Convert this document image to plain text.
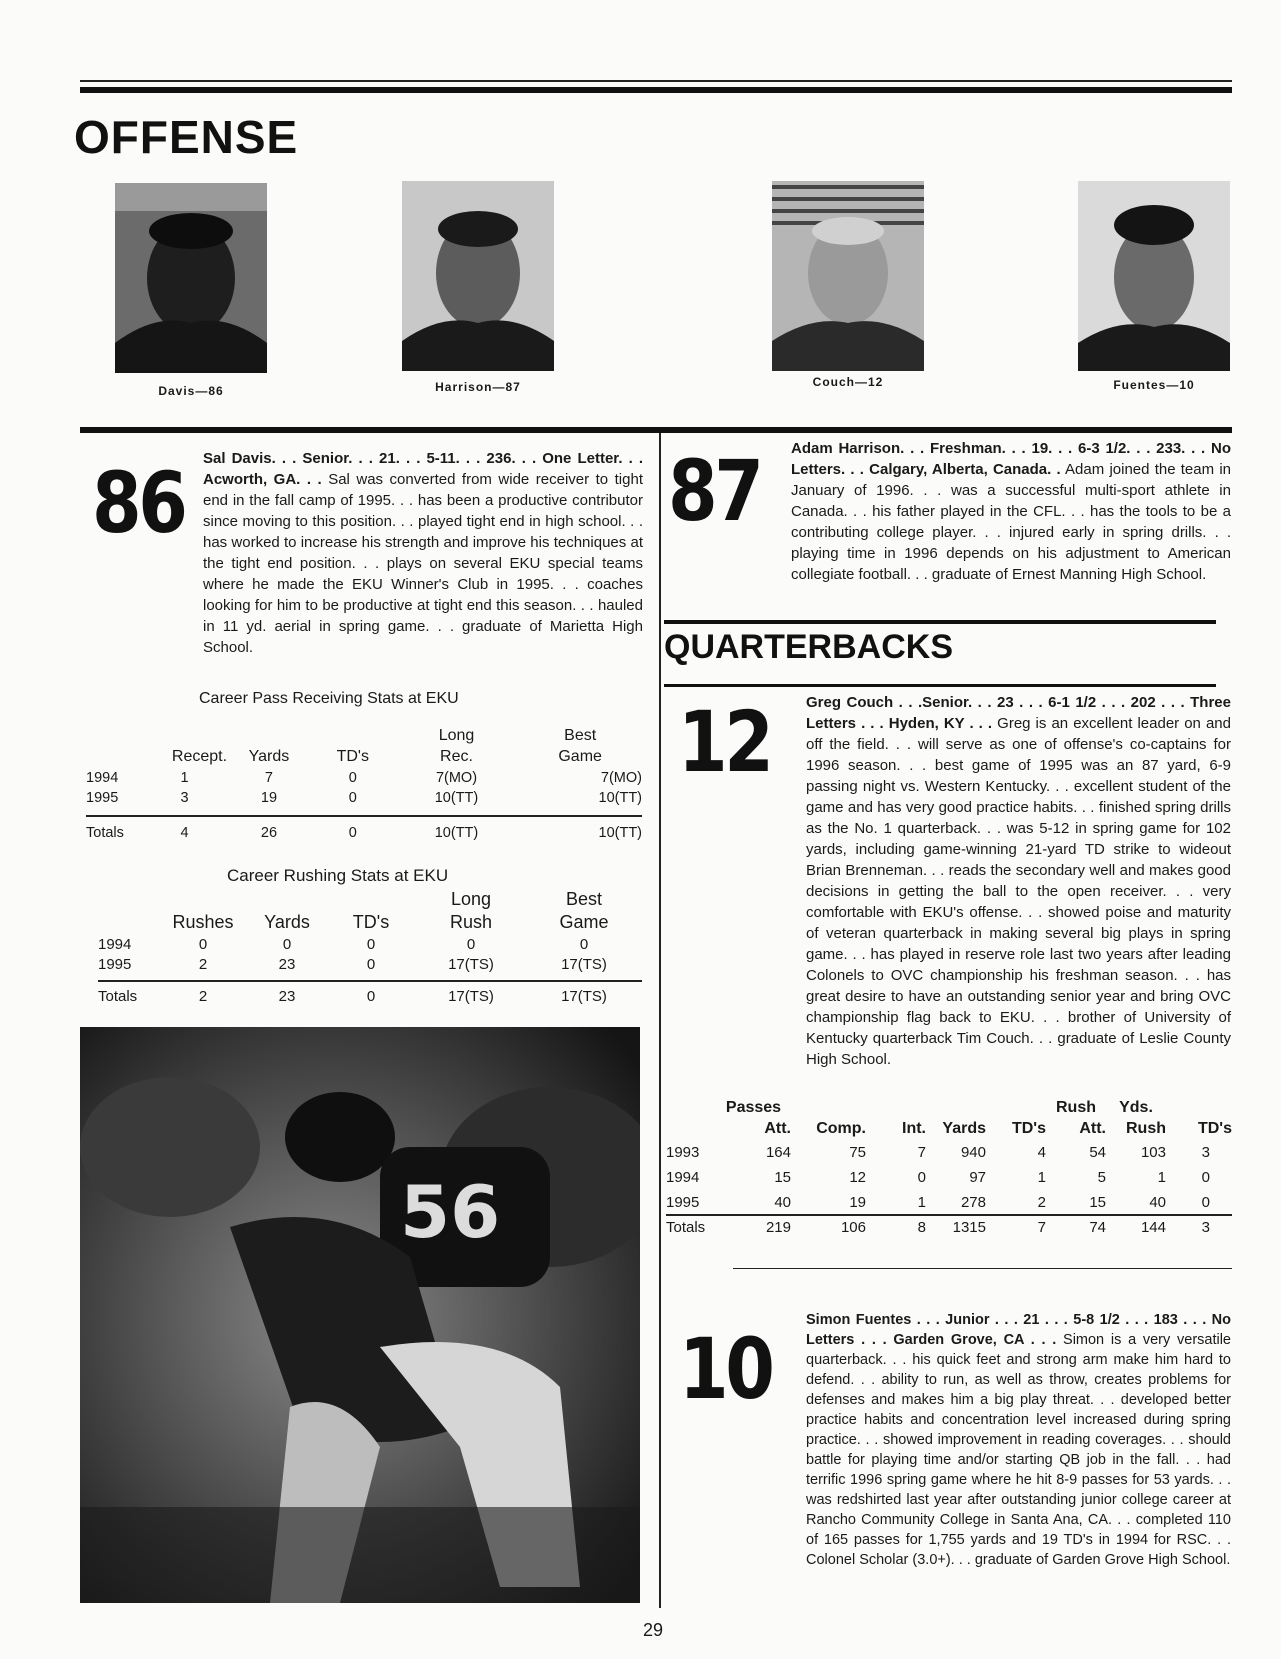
OFFENSE
Davis—86	Harrison—87	Couch—12	Fuentes—10
86 Sal Davis. . . Senior. . . 21. . . 5-11. . . 236. . . One Letter. . . Acworth, GA. . . Sal was converted from wide receiver to tight end in the fall camp of 1995. . . has been a productive contributor since moving to this position. . . played tight end in high school. . . has worked to increase his strength and improve his techniques at the tight end position. . . plays on several EKU special teams where he made the EKU Winner's Club in 1995. . . coaches looking for him to be productive at tight end this season. . . hauled in 11 yd. aerial in spring game. . . graduate of Marietta High School.
Career Pass Receiving Stats at EKU
				Long	Best
	Recept.	Yards	TD's	Rec.	Game
1994	1	7	0	7(MO)	7(MO)
1995	3	19	0	10(TT)	10(TT)

Totals	4	26	0	10(TT)	10(TT)
Career Rushing Stats at EKU
				Long	Best
	Rushes	Yards	TD's	Rush	Game
1994	0	0	0	0	0
1995	2	23	0	17(TS)	17(TS)

Totals	2	23	0	17(TS)	17(TS)
56
87 Adam Harrison. . . Freshman. . . 19. . . 6-3 1/2. . . 233. . . No Letters. . . Calgary, Alberta, Canada. . Adam joined the team in January of 1996. . . was a successful multi-sport athlete in Canada. . . his father played in the CFL. . . has the tools to be a contributing college player. . . injured early in spring drills. . . playing time in 1996 depends on his adjustment to American collegiate football. . . graduate of Ernest Manning High School.
QUARTERBACKS
12 Greg Couch . . .Senior. . . 23 . . . 6-1 1/2 . . . 202 . . . Three Letters . . . Hyden, KY . . . Greg is an excellent leader on and off the field. . . will serve as one of offense's co-captains for 1996 season. . . best game of 1995 was an 87 yard, 6-9 passing night vs. Western Kentucky. . . excellent student of the game and has very good practice habits. . . finished spring drills as the No. 1 quarterback. . . was 5-12 in spring game for 102 yards, including game-winning 21-yard TD strike to wideout Brian Brenneman. . . reads the secondary well and makes good decisions in getting the ball to the open receiver. . . very comfortable with EKU's offense. . . showed poise and maturity of veteran quarterback in making several big plays in spring game. . . has played in reserve role last two years after leading Colonels to OVC championship his freshman season. . . has great desire to have an outstanding senior year and bring OVC championship flag back to EKU. . . brother of University of Kentucky quarterback Tim Couch. . . graduate of Leslie County High School.
	Passes					Rush	Yds.	
	Att.	Comp.	Int.	Yards	TD's	Att.	Rush	TD's
1993	164	75	7	940	4	54	103	3
1994	15	12	0	97	1	5	1	0
1995	40	19	1	278	2	15	40	0
Totals	219	106	8	1315	7	74	144	3
10 Simon Fuentes . . . Junior . . . 21 . . . 5-8 1/2 . . . 183 . . . No Letters . . . Garden Grove, CA . . . Simon is a very versatile quarterback. . . his quick feet and strong arm make him hard to defend. . . ability to run, as well as throw, creates problems for defenses and makes him a big play threat. . . developed better practice habits and concentration level increased during spring practice. . . showed improvement in reading coverages. . . should battle for playing time and/or starting QB job in the fall. . . had terrific 1996 spring game where he hit 8-9 passes for 53 yards. . . was redshirted last year after outstanding junior college career at Rancho Community College in Santa Ana, CA. . . completed 110 of 165 passes for 1,755 yards and 19 TD's in 1994 for RSC. . . Colonel Scholar (3.0+). . . graduate of Garden Grove High School.
29
